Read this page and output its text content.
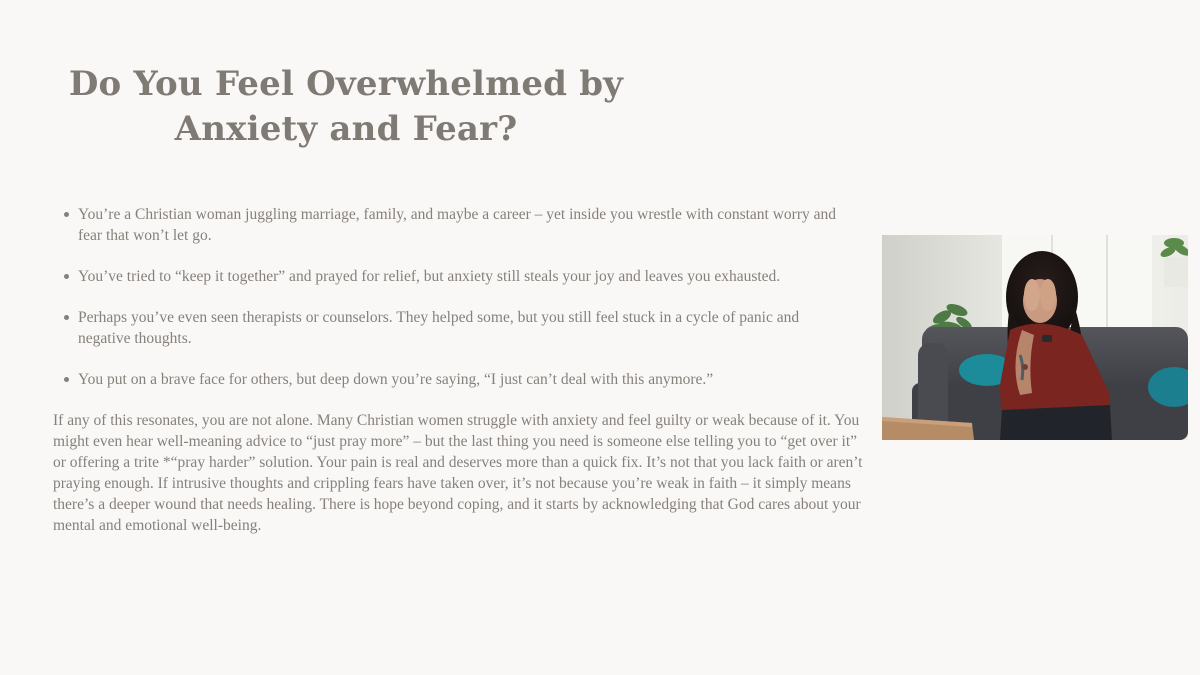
Do You Feel Overwhelmed by Anxiety and Fear?
You’re a Christian woman juggling marriage, family, and maybe a career – yet inside you wrestle with constant worry and fear that won’t let go.
You’ve tried to “keep it together” and prayed for relief, but anxiety still steals your joy and leaves you exhausted.
Perhaps you’ve even seen therapists or counselors. They helped some, but you still feel stuck in a cycle of panic and negative thoughts.
You put on a brave face for others, but deep down you’re saying, “I just can’t deal with this anymore.”

If any of this resonates, you are not alone. Many Christian women struggle with anxiety and feel guilty or weak because of it. You might even hear well-meaning advice to “just pray more” – but the last thing you need is someone else telling you to “get over it” or offering a trite *“pray harder” solution. Your pain is real and deserves more than a quick fix. It’s not that you lack faith or aren’t praying enough. If intrusive thoughts and crippling fears have taken over, it’s not because you’re weak in faith – it simply means there’s a deeper wound that needs healing. There is hope beyond coping, and it starts by acknowledging that God cares about your mental and emotional well-being.
